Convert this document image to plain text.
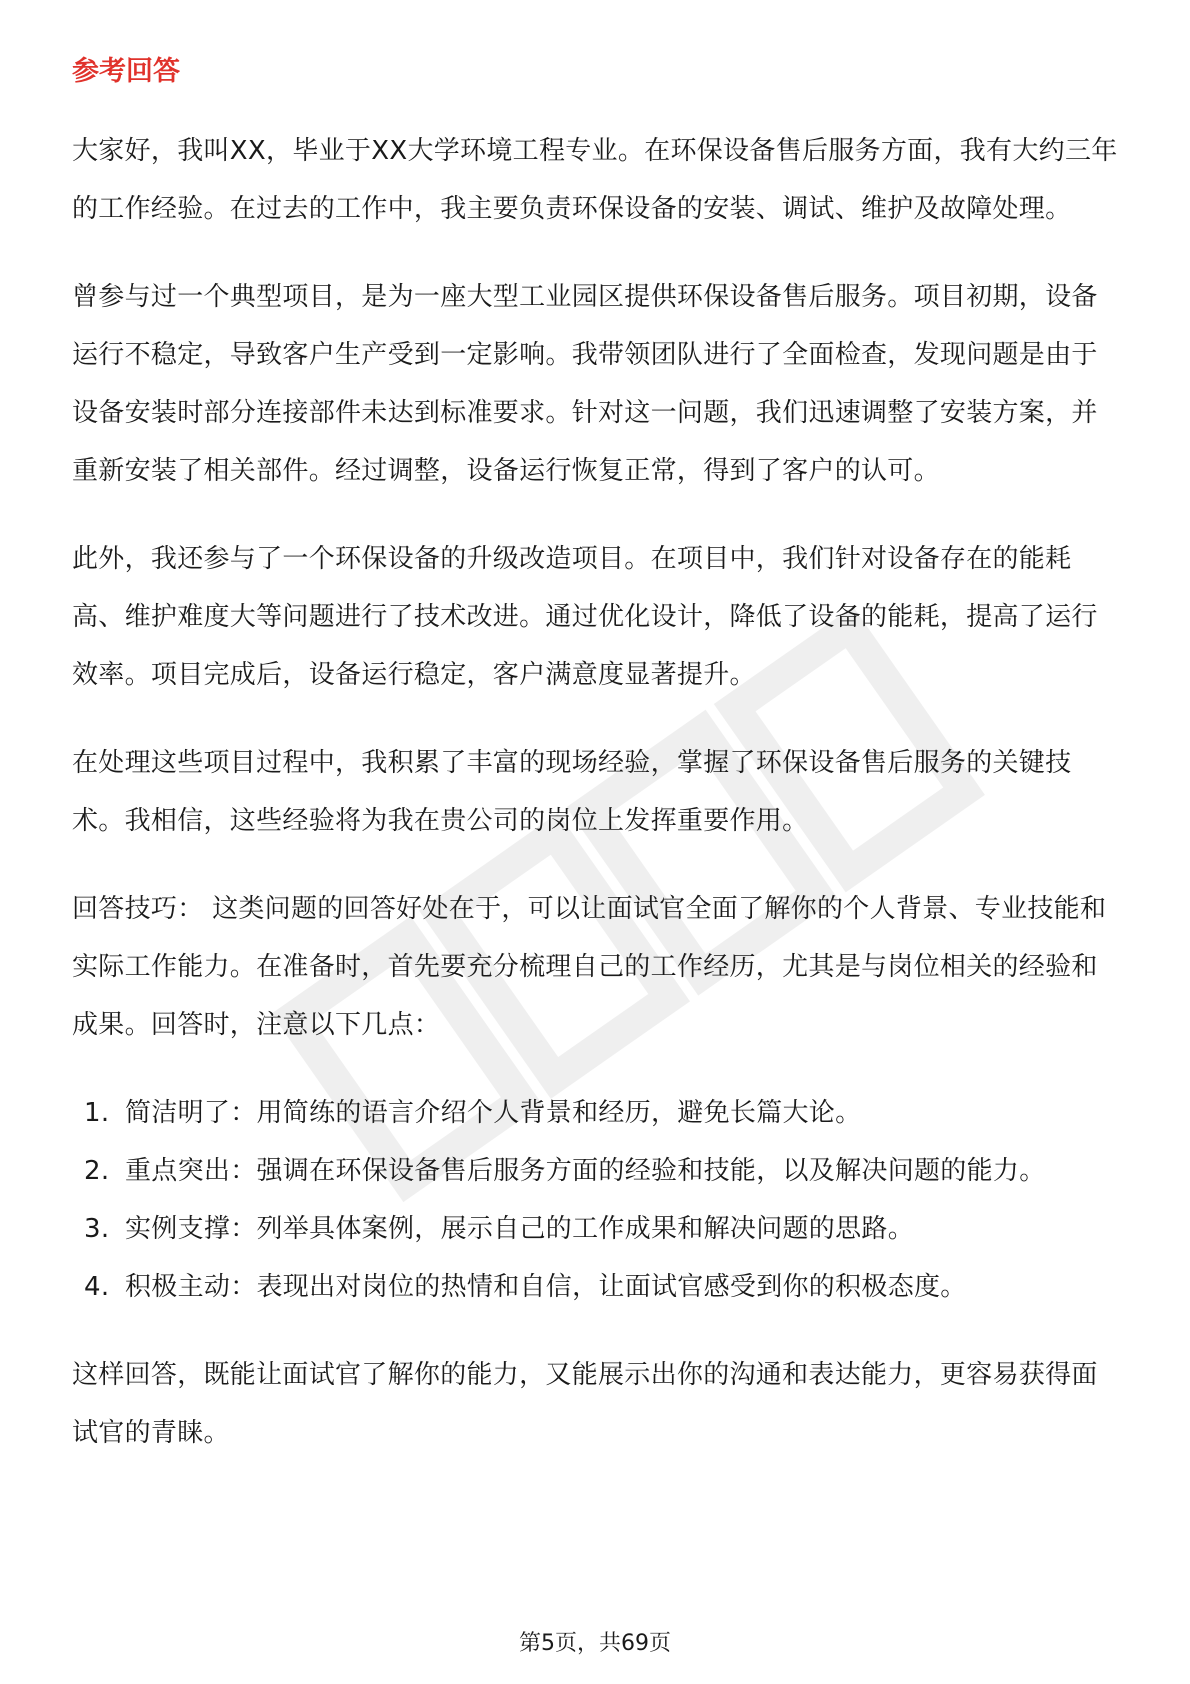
参考回答

大家好，我叫XX，毕业于XX大学环境工程专业。在环保设备售后服务方面，我有大约三年的工作经验。在过去的工作中，我主要负责环保设备的安装、调试、维护及故障处理。

曾参与过一个典型项目，是为一座大型工业园区提供环保设备售后服务。项目初期，设备运行不稳定，导致客户生产受到一定影响。我带领团队进行了全面检查，发现问题是由于设备安装时部分连接部件未达到标准要求。针对这一问题，我们迅速调整了安装方案，并重新安装了相关部件。经过调整，设备运行恢复正常，得到了客户的认可。

此外，我还参与了一个环保设备的升级改造项目。在项目中，我们针对设备存在的能耗高、维护难度大等问题进行了技术改进。通过优化设计，降低了设备的能耗，提高了运行效率。项目完成后，设备运行稳定，客户满意度显著提升。

在处理这些项目过程中，我积累了丰富的现场经验，掌握了环保设备售后服务的关键技术。我相信，这些经验将为我在贵公司的岗位上发挥重要作用。

回答技巧： 这类问题的回答好处在于，可以让面试官全面了解你的个人背景、专业技能和实际工作能力。在准备时，首先要充分梳理自己的工作经历，尤其是与岗位相关的经验和成果。回答时，注意以下几点：

1. 简洁明了：用简练的语言介绍个人背景和经历，避免长篇大论。
2. 重点突出：强调在环保设备售后服务方面的经验和技能，以及解决问题的能力。
3. 实例支撑：列举具体案例，展示自己的工作成果和解决问题的思路。
4. 积极主动：表现出对岗位的热情和自信，让面试官感受到你的积极态度。

这样回答，既能让面试官了解你的能力，又能展示出你的沟通和表达能力，更容易获得面试官的青睐。

第5页，共69页
